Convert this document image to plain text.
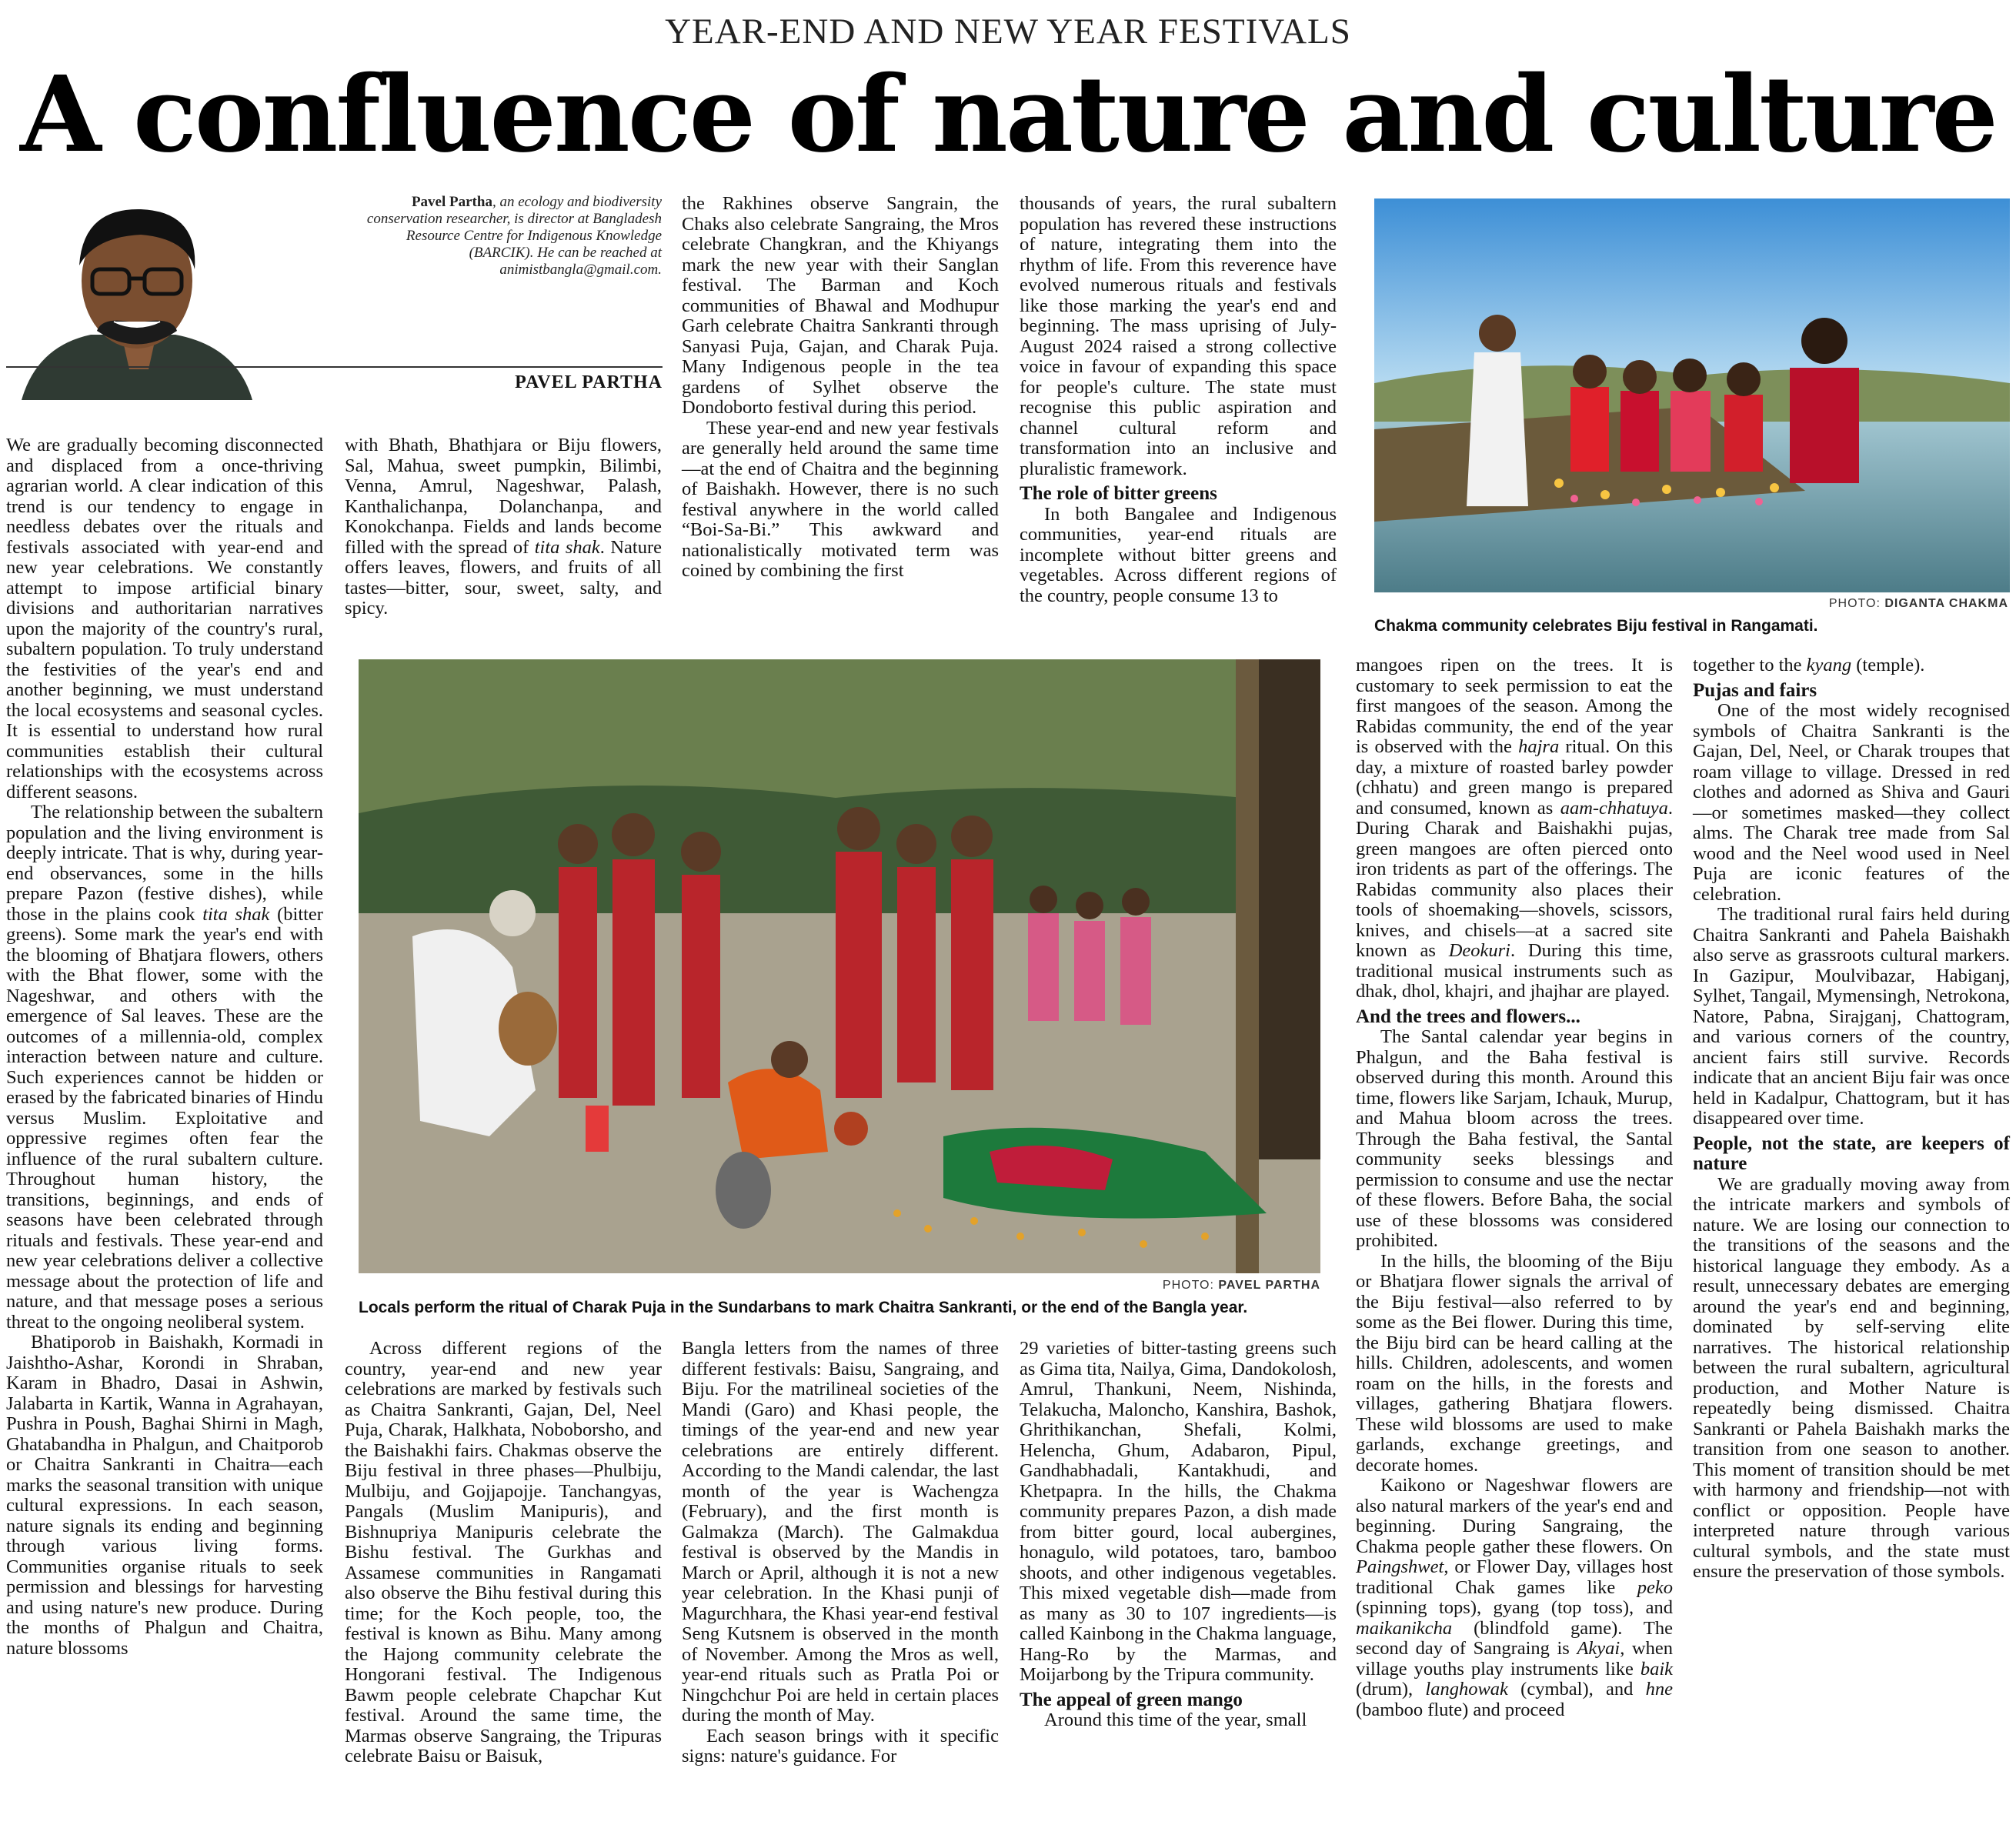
YEAR-END AND NEW YEAR FESTIVALS
A confluence of nature and culture
Pavel Partha, an ecology and biodiversity conservation researcher, is director at Bangladesh Resource Centre for Indigenous Knowledge (BARCIK). He can be reached at animistbangla@gmail.com.
PAVEL PARTHA
PHOTO: DIGANTA CHAKMA
Chakma community celebrates Biju festival in Rangamati.
PHOTO: PAVEL PARTHA
Locals perform the ritual of Charak Puja in the Sundarbans to mark Chaitra Sankranti, or the end of the Bangla year.

We are gradually becoming disconnected and displaced from a once-thriving agrarian world. A clear indication of this trend is our tendency to engage in needless debates over the rituals and festivals associated with year-end and new year celebrations. We constantly attempt to impose artificial binary divisions and authoritarian narratives upon the majority of the country's rural, subaltern population. To truly understand the festivities of the year's end and another beginning, we must understand the local ecosystems and seasonal cycles. It is essential to understand how rural communities establish their cultural relationships with the ecosystems across different seasons.

The relationship between the subaltern population and the living environment is deeply intricate. That is why, during year-end observances, some in the hills prepare Pazon (festive dishes), while those in the plains cook tita shak (bitter greens). Some mark the year's end with the blooming of Bhatjara flowers, others with the Bhat flower, some with the Nageshwar, and others with the emergence of Sal leaves. These are the outcomes of a millennia-old, complex interaction between nature and culture. Such experiences cannot be hidden or erased by the fabricated binaries of Hindu versus Muslim. Exploitative and oppressive regimes often fear the influence of the rural subaltern culture. Throughout human history, the transitions, beginnings, and ends of seasons have been celebrated through rituals and festivals. These year-end and new year celebrations deliver a collective message about the protection of life and nature, and that message poses a serious threat to the ongoing neoliberal system.

Bhatiporob in Baishakh, Kormadi in Jaishtho-Ashar, Korondi in Shraban, Karam in Bhadro, Dasai in Ashwin, Jalabarta in Kartik, Wanna in Agrahayan, Pushra in Poush, Baghai Shirni in Magh, Ghatabandha in Phalgun, and Chaitporob or Chaitra Sankranti in Chaitra—each marks the seasonal transition with unique cultural expressions. In each season, nature signals its ending and beginning through various living forms. Communities organise rituals to seek permission and blessings for harvesting and using nature's new produce. During the months of Phalgun and Chaitra, nature blossoms

with Bhath, Bhathjara or Biju flowers, Sal, Mahua, sweet pumpkin, Bilimbi, Venna, Amrul, Nageshwar, Palash, Kanthalichanpa, Dolanchanpa, and Konokchanpa. Fields and lands become filled with the spread of tita shak. Nature offers leaves, flowers, and fruits of all tastes—bitter, sour, sweet, salty, and spicy.

the Rakhines observe Sangrain, the Chaks also celebrate Sangraing, the Mros celebrate Changkran, and the Khiyangs mark the new year with their Sanglan festival. The Barman and Koch communities of Bhawal and Modhupur Garh celebrate Chaitra Sankranti through Sanyasi Puja, Gajan, and Charak Puja. Many Indigenous people in the tea gardens of Sylhet observe the Dondoborto festival during this period.

These year-end and new year festivals are generally held around the same time—at the end of Chaitra and the beginning of Baishakh. However, there is no such festival anywhere in the world called “Boi-Sa-Bi.” This awkward and nationalistically motivated term was coined by combining the first

thousands of years, the rural subaltern population has revered these instructions of nature, integrating them into the rhythm of life. From this reverence have evolved numerous rituals and festivals like those marking the year's end and beginning. The mass uprising of July-August 2024 raised a strong collective voice in favour of expanding this space for people's culture. The state must recognise this public aspiration and channel cultural reform and transformation into an inclusive and pluralistic framework.

The role of bitter greens

In both Bangalee and Indigenous communities, year-end rituals are incomplete without bitter greens and vegetables. Across different regions of the country, people consume 13 to

Across different regions of the country, year-end and new year celebrations are marked by festivals such as Chaitra Sankranti, Gajan, Del, Neel Puja, Charak, Halkhata, Noboborsho, and the Baishakhi fairs. Chakmas observe the Biju festival in three phases—Phulbiju, Mulbiju, and Gojjapojje. Tanchangyas, Pangals (Muslim Manipuris), and Bishnupriya Manipuris celebrate the Bishu festival. The Gurkhas and Assamese communities in Rangamati also observe the Bihu festival during this time; for the Koch people, too, the festival is known as Bihu. Many among the Hajong community celebrate the Hongorani festival. The Indigenous Bawm people celebrate Chapchar Kut festival. Around the same time, the Marmas observe Sangraing, the Tripuras celebrate Baisu or Baisuk,

Bangla letters from the names of three different festivals: Baisu, Sangraing, and Biju. For the matrilineal societies of the Mandi (Garo) and Khasi people, the timings of the year-end and new year celebrations are entirely different. According to the Mandi calendar, the last month of the year is Wachengza (February), and the first month is Galmakza (March). The Galmakdua festival is observed by the Mandis in March or April, although it is not a new year celebration. In the Khasi punji of Magurchhara, the Khasi year-end festival Seng Kutsnem is observed in the month of November. Among the Mros as well, year-end rituals such as Pratla Poi or Ningchchur Poi are held in certain places during the month of May.

Each season brings with it specific signs: nature's guidance. For

29 varieties of bitter-tasting greens such as Gima tita, Nailya, Gima, Dandokolosh, Amrul, Thankuni, Neem, Nishinda, Telakucha, Maloncho, Kanshira, Bashok, Ghrithikanchan, Shefali, Kolmi, Helencha, Ghum, Adabaron, Pipul, Gandhabhadali, Kantakhudi, and Khetpapra. In the hills, the Chakma community prepares Pazon, a dish made from bitter gourd, local aubergines, honagulo, wild potatoes, taro, bamboo shoots, and other indigenous vegetables. This mixed vegetable dish—made from as many as 30 to 107 ingredients—is called Kainbong in the Chakma language, Hang-Ro by the Marmas, and Moijarbong by the Tripura community.

The appeal of green mango

Around this time of the year, small

mangoes ripen on the trees. It is customary to seek permission to eat the first mangoes of the season. Among the Rabidas community, the end of the year is observed with the hajra ritual. On this day, a mixture of roasted barley powder (chhatu) and green mango is prepared and consumed, known as aam-chhatuya. During Charak and Baishakhi pujas, green mangoes are often pierced onto iron tridents as part of the offerings. The Rabidas community also places their tools of shoemaking—shovels, scissors, knives, and chisels—at a sacred site known as Deokuri. During this time, traditional musical instruments such as dhak, dhol, khajri, and jhajhar are played.

And the trees and flowers...

The Santal calendar year begins in Phalgun, and the Baha festival is observed during this month. Around this time, flowers like Sarjam, Ichauk, Murup, and Mahua bloom across the trees. Through the Baha festival, the Santal community seeks blessings and permission to consume and use the nectar of these flowers. Before Baha, the social use of these blossoms was considered prohibited.

In the hills, the blooming of the Biju or Bhatjara flower signals the arrival of the Biju festival—also referred to by some as the Bei flower. During this time, the Biju bird can be heard calling at the hills. Children, adolescents, and women roam on the hills, in the forests and villages, gathering Bhatjara flowers. These wild blossoms are used to make garlands, exchange greetings, and decorate homes.

Kaikono or Nageshwar flowers are also natural markers of the year's end and beginning. During Sangraing, the Chakma people gather these flowers. On Paingshwet, or Flower Day, villages host traditional Chak games like peko (spinning tops), gyang (top toss), and maikanikcha (blindfold game). The second day of Sangraing is Akyai, when village youths play instruments like baik (drum), langhowak (cymbal), and hne (bamboo flute) and proceed

together to the kyang (temple).

Pujas and fairs

One of the most widely recognised symbols of Chaitra Sankranti is the Gajan, Del, Neel, or Charak troupes that roam village to village. Dressed in red clothes and adorned as Shiva and Gauri—or sometimes masked—they collect alms. The Charak tree made from Sal wood and the Neel wood used in Neel Puja are iconic features of the celebration.

The traditional rural fairs held during Chaitra Sankranti and Pahela Baishakh also serve as grassroots cultural markers. In Gazipur, Moulvibazar, Habiganj, Sylhet, Tangail, Mymensingh, Netrokona, Natore, Pabna, Sirajganj, Chattogram, and various corners of the country, ancient fairs still survive. Records indicate that an ancient Biju fair was once held in Kadalpur, Chattogram, but it has disappeared over time.

People, not the state, are keepers of nature

We are gradually moving away from the intricate markers and symbols of nature. We are losing our connection to the transitions of the seasons and the historical language they embody. As a result, unnecessary debates are emerging around the year's end and beginning, dominated by self-serving elite narratives. The historical relationship between the rural subaltern, agricultural production, and Mother Nature is repeatedly being dismissed. Chaitra Sankranti or Pahela Baishakh marks the transition from one season to another. This moment of transition should be met with harmony and friendship—not with conflict or opposition. People have interpreted nature through various cultural symbols, and the state must ensure the preservation of those symbols.
